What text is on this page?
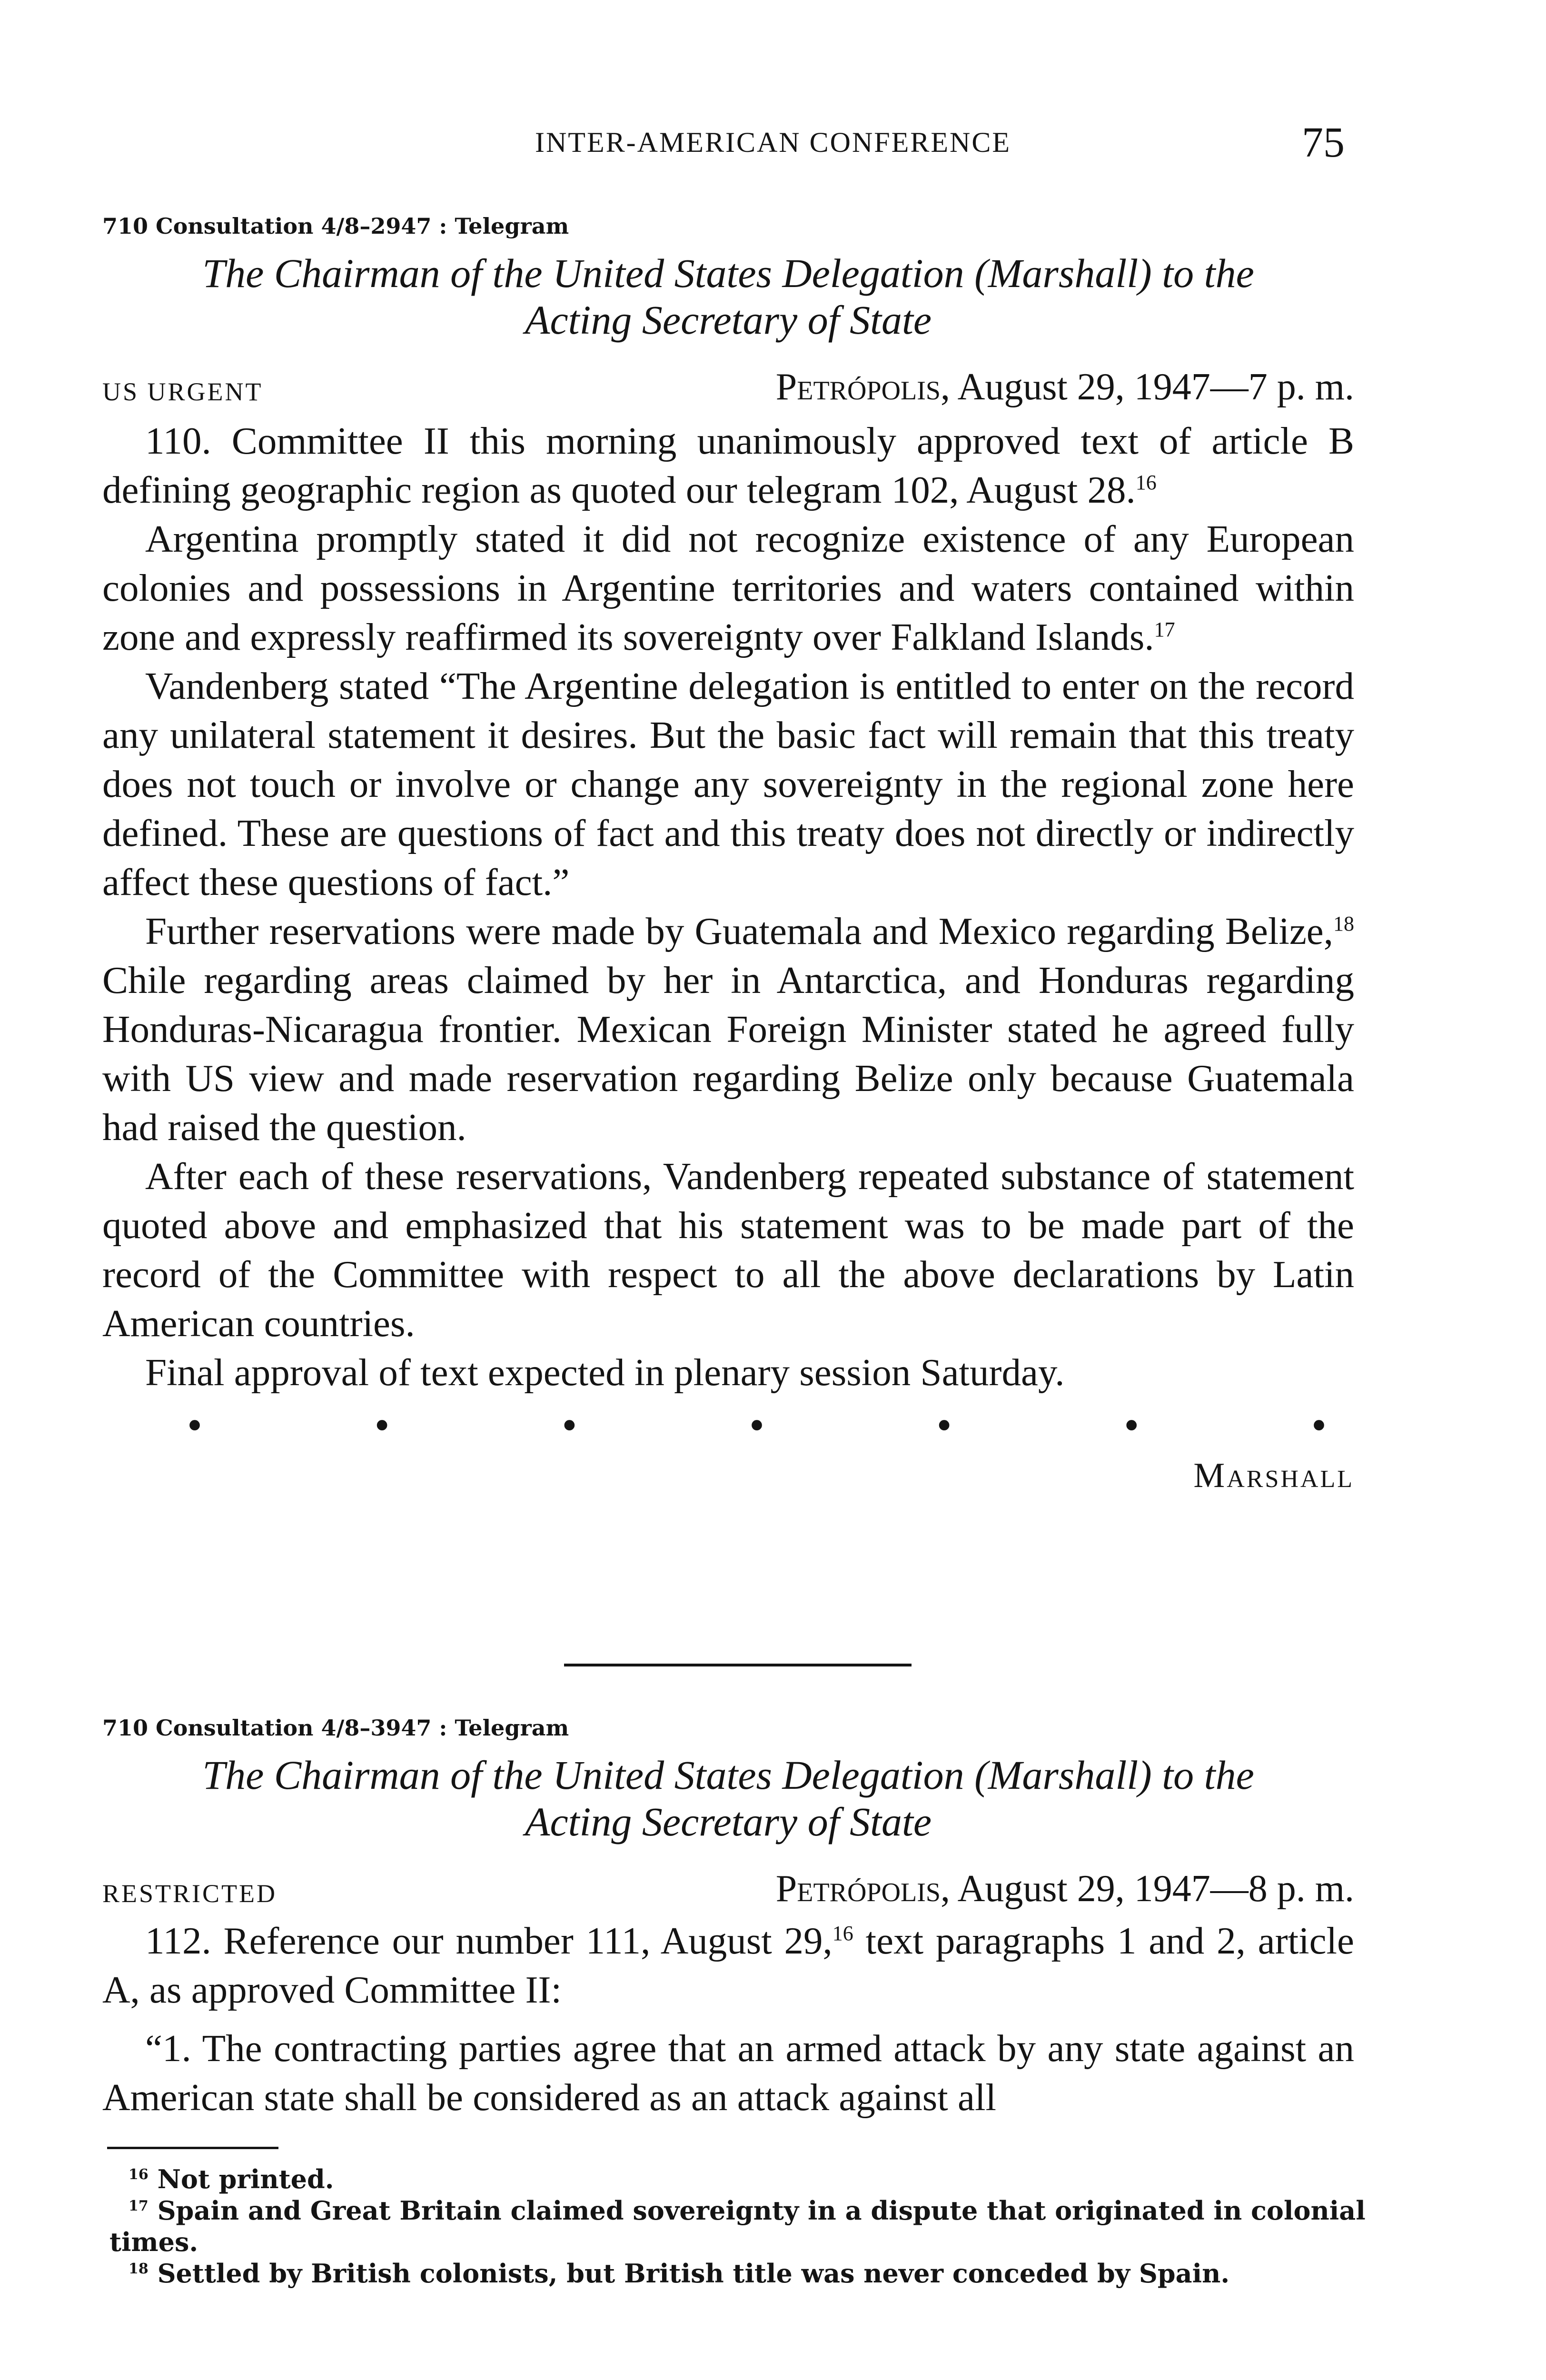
INTER-AMERICAN CONFERENCE	75
710 Consultation 4/8–2947 : Telegram
The Chairman of the United States Delegation (Marshall) to the
Acting Secretary of State
US URGENT	Petrópolis, August 29, 1947—7 p. m.

110. Committee II this morning unanimously approved text of article B defining geographic region as quoted our telegram 102, August 28.16

Argentina promptly stated it did not recognize existence of any European colonies and possessions in Argentine territories and waters contained within zone and expressly reaffirmed its sovereignty over Falkland Islands.$^{17}$

Vandenberg stated “The Argentine delegation is entitled to enter on the record any unilateral statement it desires. But the basic fact will remain that this treaty does not touch or involve or change any sovereignty in the regional zone here defined. These are questions of fact and this treaty does not directly or indirectly affect these questions of fact.”

Further reservations were made by Guatemala and Mexico regarding Belize,$^{18}$ Chile regarding areas claimed by her in Antarctica, and Honduras regarding Honduras-Nicaragua frontier. Mexican Foreign Minister stated he agreed fully with US view and made reservation regarding Belize only because Guatemala had raised the question.

After each of these reservations, Vandenberg repeated substance of statement quoted above and emphasized that his statement was to be made part of the record of the Committee with respect to all the above declarations by Latin American countries.

Final approval of text expected in plenary session Saturday.

•	•	•	•	•	•	•
Marshall
710 Consultation 4/8–3947 : Telegram
The Chairman of the United States Delegation (Marshall) to the
Acting Secretary of State
RESTRICTED	Petrópolis, August 29, 1947—8 p. m.

112. Reference our number 111, August 29,16 text paragraphs 1 and 2, article A, as approved Committee II:

“1. The contracting parties agree that an armed attack by any state against an American state shall be considered as an attack against all

$^{16}$ Not printed.

$^{17}$ Spain and Great Britain claimed sovereignty in a dispute that originated in colonial times.

$^{18}$ Settled by British colonists, but British title was never conceded by Spain.
